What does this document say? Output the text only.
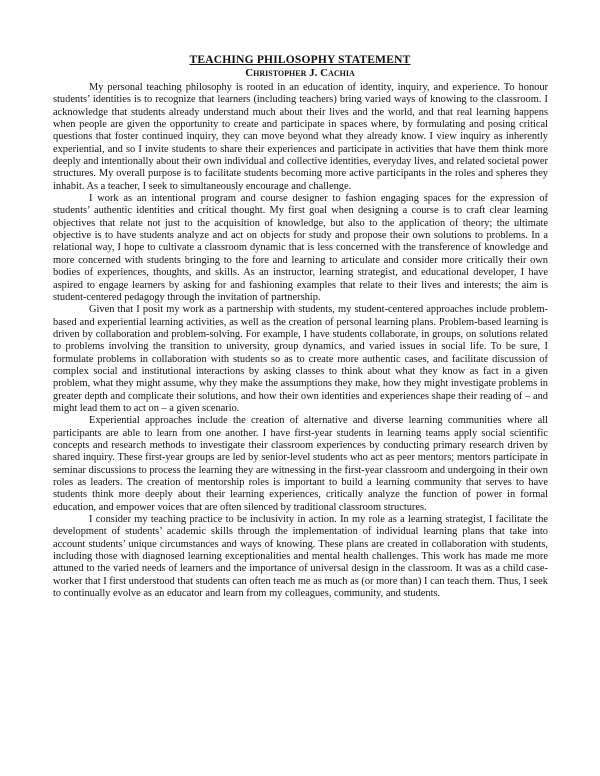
TEACHING PHILOSOPHY STATEMENT
Christopher J. Cachia

My personal teaching philosophy is rooted in an education of identity, inquiry, and experience. To honour students’ identities is to recognize that learners (including teachers) bring varied ways of knowing to the classroom. I acknowledge that students already understand much about their lives and the world, and that real learning happens when people are given the opportunity to create and participate in spaces where, by formulating and posing critical questions that foster continued inquiry, they can move beyond what they already know. I view inquiry as inherently experiential, and so I invite students to share their experiences and participate in activities that have them think more deeply and intentionally about their own individual and collective identities, everyday lives, and related societal power structures. My overall purpose is to facilitate students becoming more active participants in the roles and spheres they inhabit. As a teacher, I seek to simultaneously encourage and challenge.

I work as an intentional program and course designer to fashion engaging spaces for the expression of students’ authentic identities and critical thought. My first goal when designing a course is to craft clear learning objectives that relate not just to the acquisition of knowledge, but also to the application of theory; the ultimate objective is to have students analyze and act on objects for study and propose their own solutions to problems. In a relational way, I hope to cultivate a classroom dynamic that is less concerned with the transference of knowledge and more concerned with students bringing to the fore and learning to articulate and consider more critically their own bodies of experiences, thoughts, and skills. As an instructor, learning strategist, and educational developer, I have aspired to engage learners by asking for and fashioning examples that relate to their lives and interests; the aim is student-centered pedagogy through the invitation of partnership.

Given that I posit my work as a partnership with students, my student-centered approaches include problem-based and experiential learning activities, as well as the creation of personal learning plans. Problem-based learning is driven by collaboration and problem-solving. For example, I have students collaborate, in groups, on solutions related to problems involving the transition to university, group dynamics, and varied issues in social life. To be sure, I formulate problems in collaboration with students so as to create more authentic cases, and facilitate discussion of complex social and institutional interactions by asking classes to think about what they know as fact in a given problem, what they might assume, why they make the assumptions they make, how they might investigate problems in greater depth and complicate their solutions, and how their own identities and experiences shape their reading of – and might lead them to act on – a given scenario.

Experiential approaches include the creation of alternative and diverse learning communities where all participants are able to learn from one another. I have first-year students in learning teams apply social scientific concepts and research methods to investigate their classroom experiences by conducting primary research driven by shared inquiry. These first-year groups are led by senior-level students who act as peer mentors; mentors participate in seminar discussions to process the learning they are witnessing in the first-year classroom and undergoing in their own roles as leaders. The creation of mentorship roles is important to build a learning community that serves to have students think more deeply about their learning experiences, critically analyze the function of power in formal education, and empower voices that are often silenced by traditional classroom structures.

I consider my teaching practice to be inclusivity in action. In my role as a learning strategist, I facilitate the development of students’ academic skills through the implementation of individual learning plans that take into account students’ unique circumstances and ways of knowing. These plans are created in collaboration with students, including those with diagnosed learning exceptionalities and mental health challenges. This work has made me more attuned to the varied needs of learners and the importance of universal design in the classroom. It was as a child case-worker that I first understood that students can often teach me as much as (or more than) I can teach them. Thus, I seek to continually evolve as an educator and learn from my colleagues, community, and students.
